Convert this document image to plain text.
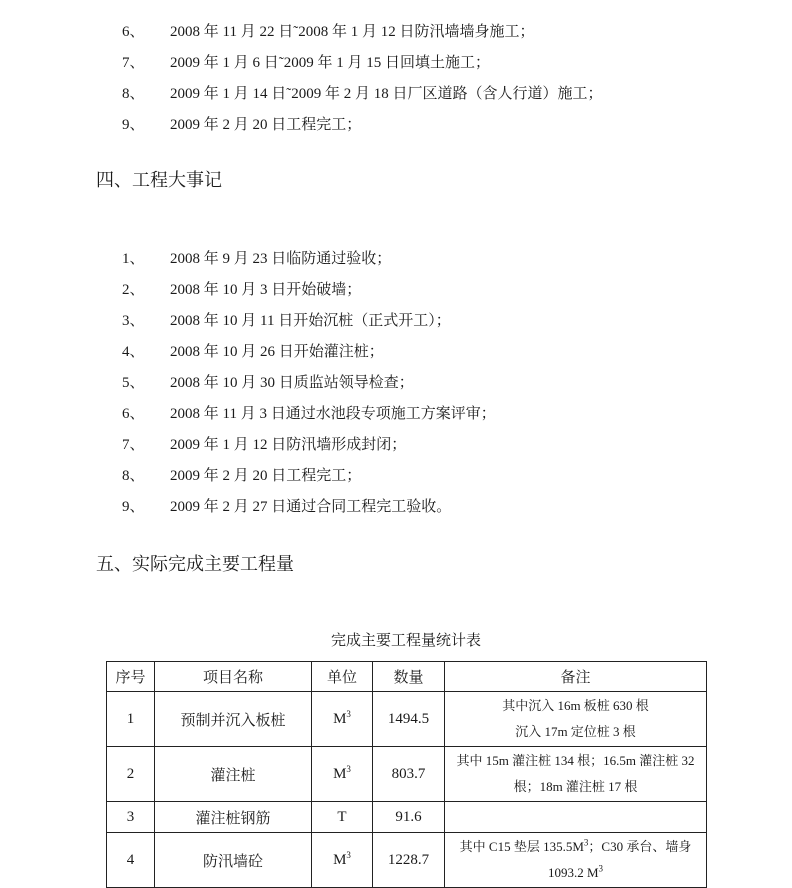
6、 2008 年 11 月 22 日˜2008 年 1 月 12 日防汛墙墙身施工；
7、 2009 年 1 月 6 日˜2009 年 1 月 15 日回填土施工；
8、 2009 年 1 月 14 日˜2009 年 2 月 18 日厂区道路（含人行道）施工；
9、 2009 年 2 月 20 日工程完工；
四、工程大事记
1、 2008 年 9 月 23 日临防通过验收；
2、 2008 年 10 月 3 日开始破墙；
3、 2008 年 10 月 11 日开始沉桩（正式开工）；
4、 2008 年 10 月 26 日开始灌注桩；
5、 2008 年 10 月 30 日质监站领导检查；
6、 2008 年 11 月 3 日通过水池段专项施工方案评审；
7、 2009 年 1 月 12 日防汛墙形成封闭；
8、 2009 年 2 月 20 日工程完工；
9、 2009 年 2 月 27 日通过合同工程完工验收。
五、实际完成主要工程量
完成主要工程量统计表
序号	项目名称	单位	数量	备注
1	预制并沉入板桩	$M^3$	1494.5	其中沉入 16m 板桩 630 根
沉入 17m 定位桩 3 根

2	灌注桩	$M^3$	803.7	其中 15m 灌注桩 134 根；16.5m 灌注桩 32
根；18m 灌注桩 17 根

3	灌注桩钢筋	T	91.6	
4	防汛墙砼	$M^3$	1228.7	其中 C15 垫层 $135.5M^3$；C30 承台、墙身
1093.2 $M^3$
